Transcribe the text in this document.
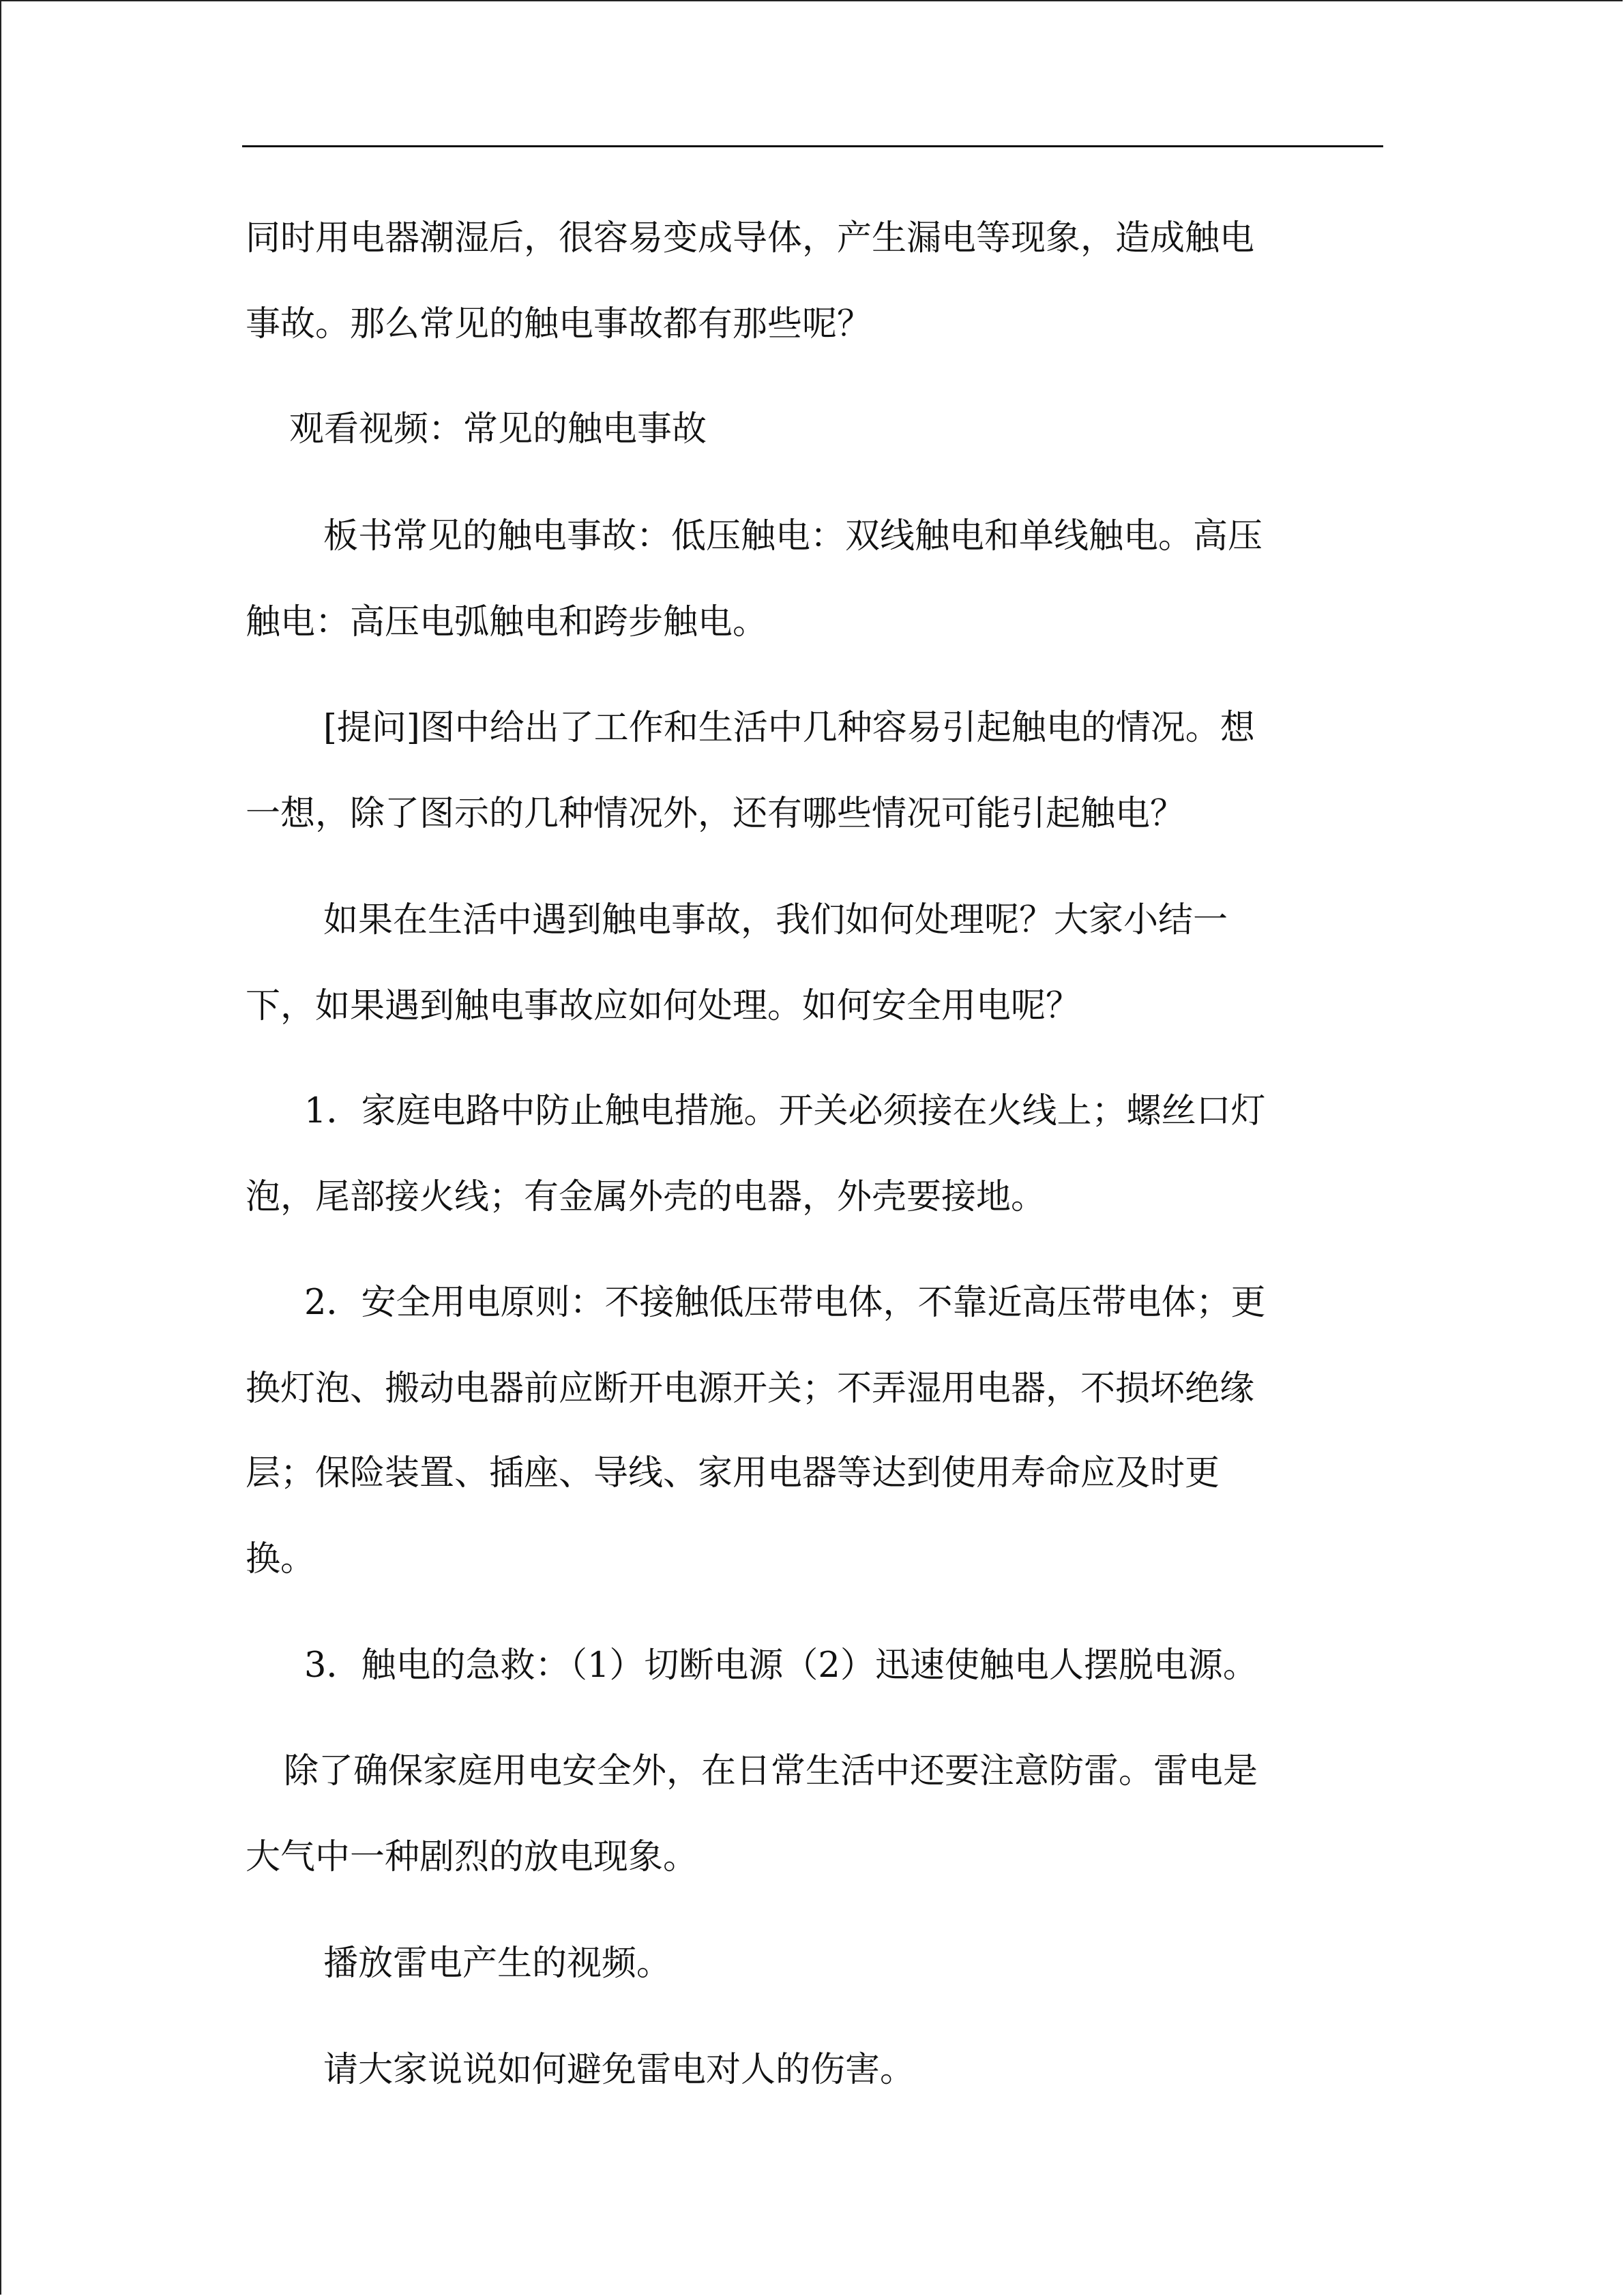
同时用电器潮湿后，很容易变成导体，产生漏电等现象，造成触电
事故。那么常见的触电事故都有那些呢？
观看视频：常见的触电事故
板书常见的触电事故：低压触电：双线触电和单线触电。高压
触电：高压电弧触电和跨步触电。
[提问]图中给出了工作和生活中几种容易引起触电的情况。想
一想，除了图示的几种情况外，还有哪些情况可能引起触电？
如果在生活中遇到触电事故，我们如何处理呢？大家小结一
下，如果遇到触电事故应如何处理。如何安全用电呢？
1．家庭电路中防止触电措施。开关必须接在火线上；螺丝口灯
泡，尾部接火线；有金属外壳的电器，外壳要接地。
2．安全用电原则：不接触低压带电体，不靠近高压带电体；更
换灯泡、搬动电器前应断开电源开关；不弄湿用电器，不损坏绝缘
层；保险装置、插座、导线、家用电器等达到使用寿命应及时更
换。
3．触电的急救：（1）切断电源（2）迅速使触电人摆脱电源。
除了确保家庭用电安全外，在日常生活中还要注意防雷。雷电是
大气中一种剧烈的放电现象。
播放雷电产生的视频。
请大家说说如何避免雷电对人的伤害。
